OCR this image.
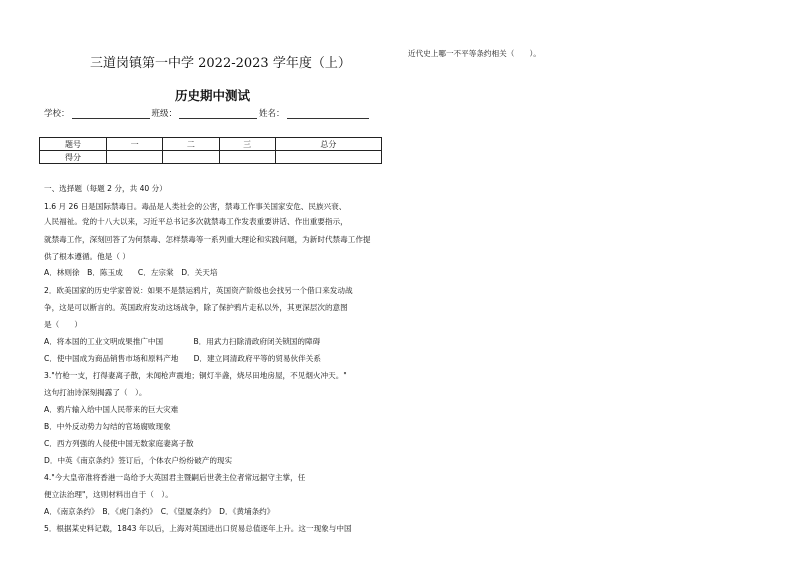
三道岗镇第一中学 2022-2023 学年度（上）
历史期中测试
学校：	班级：	姓名：
题号	一	二	三	总分
得分				
一、选择题（每题 2 分，共 40 分）
1.6 月 26 日是国际禁毒日。毒品是人类社会的公害，禁毒工作事关国家安危、民族兴衰、
人民福祉。党的十八大以来，习近平总书记多次就禁毒工作发表重要讲话、作出重要指示，
就禁毒工作，深刻回答了为何禁毒、怎样禁毒等一系列重大理论和实践问题，为新时代禁毒工作提
供了根本遵循。他是（ ）
A．林则徐　B．陈玉成　　C．左宗棠　D．关天培
2．欧美国家的历史学家曾说：如果不是禁运鸦片，英国资产阶级也会找另一个借口来发动战
争，这是可以断言的。英国政府发动这场战争，除了保护鸦片走私以外，其更深层次的意图
是（　　）
A．将本国的工业文明成果推广中国　　　　B．用武力扫除清政府闭关锁国的障碍
C．使中国成为商品销售市场和原料产地　　D．建立同清政府平等的贸易伙伴关系
3."竹枪一支，打得妻离子散，未闻枪声震地；铜灯半盏，烧尽田地房屋，不见烟火冲天。"
这句打油诗深刻揭露了（　）。
A．鸦片输入给中国人民带来的巨大灾难
B．中外反动势力勾结的官场腐败现象
C．西方列强的人侵使中国无数家庭妻离子散
D．中英《南京条约》签订后，个体农户纷纷破产的现实
4."今大皇帝准将香港一岛给予大英国君主暨嗣后世袭主位者常远据守主掌，任
便立法治理"，这则材料出自于（　）。
A．《南京条约》　B．《虎门条约》　C．《望厦条约》　D．《黄埔条约》
5．根据某史料记载，1843 年以后，上海对英国进出口贸易总值逐年上升。这一现象与中国
近代史上哪一不平等条约相关（　　）。
